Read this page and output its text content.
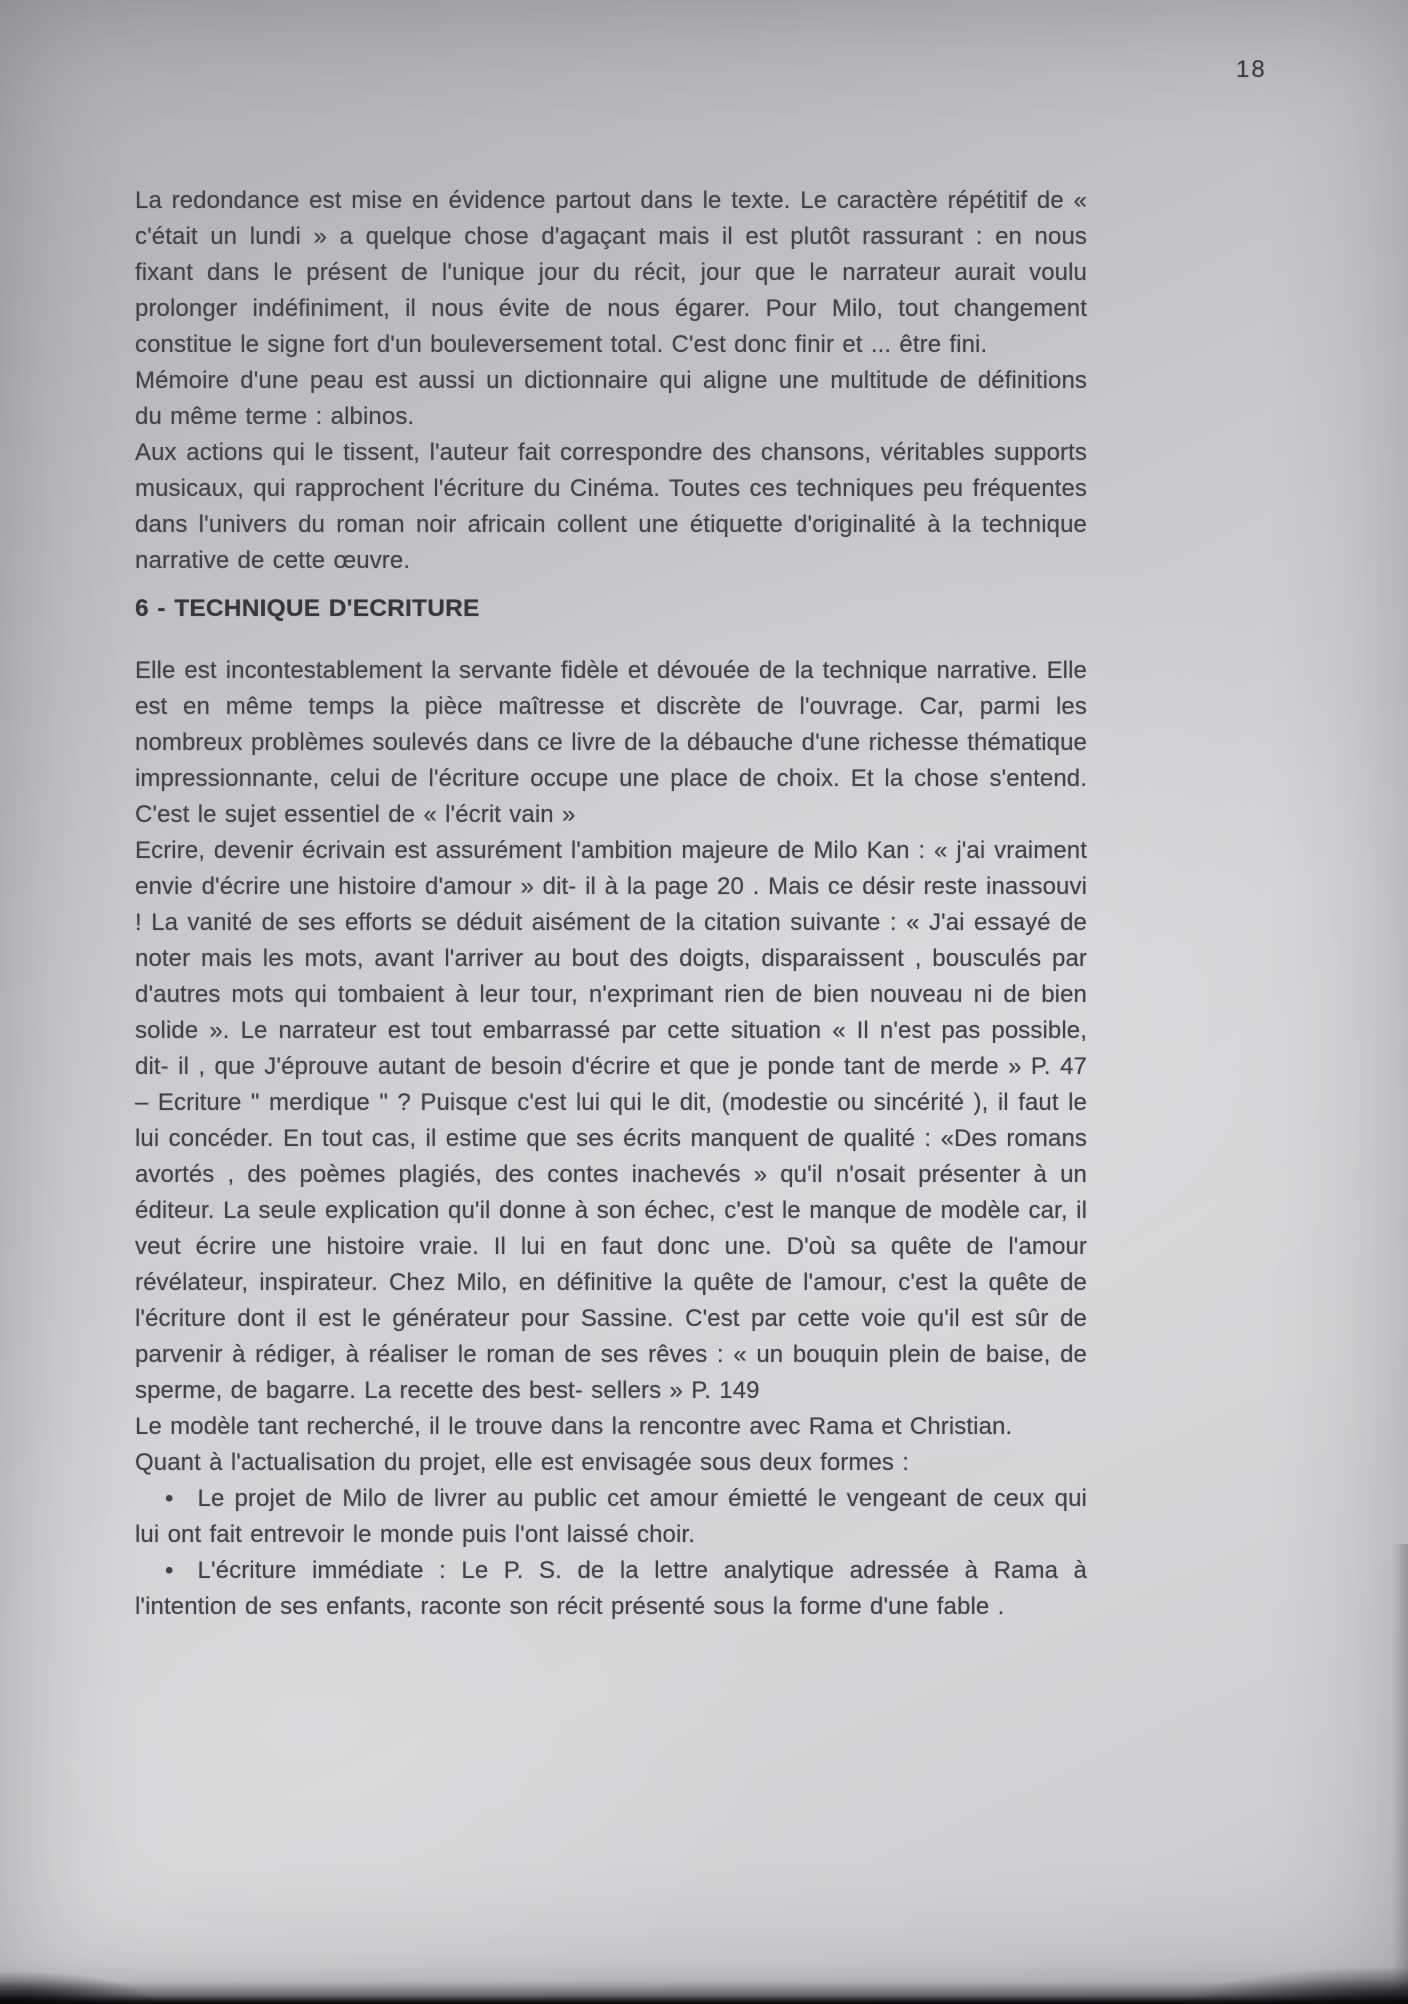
18

La redondance est mise en évidence partout dans le texte. Le caractère répétitif de « c'était un lundi » a quelque chose d'agaçant mais il est plutôt rassurant : en nous fixant dans le présent de l'unique jour du récit, jour que le narrateur aurait voulu prolonger indéfiniment, il nous évite de nous égarer. Pour Milo, tout changement constitue le signe fort d'un bouleversement total. C'est donc finir et ... être fini.

Mémoire d'une peau est aussi un dictionnaire qui aligne une multitude de définitions du même terme : albinos.

Aux actions qui le tissent, l'auteur fait correspondre des chansons, véritables supports musicaux, qui rapprochent l'écriture du Cinéma. Toutes ces techniques peu fréquentes dans l'univers du roman noir africain collent une étiquette d'originalité à la technique narrative de cette œuvre.

6 - TECHNIQUE D'ECRITURE

Elle est incontestablement la servante fidèle et dévouée de la technique narrative. Elle est en même temps la pièce maîtresse et discrète de l'ouvrage. Car, parmi les nombreux problèmes soulevés dans ce livre de la débauche d'une richesse thématique impressionnante, celui de l'écriture occupe une place de choix. Et la chose s'entend. C'est le sujet essentiel de « l'écrit vain »

Ecrire, devenir écrivain est assurément l'ambition majeure de Milo Kan : « j'ai vraiment envie d'écrire une histoire d'amour » dit- il à la page 20 . Mais ce désir reste inassouvi ! La vanité de ses efforts se déduit aisément de la citation suivante : « J'ai essayé de noter mais les mots, avant l'arriver au bout des doigts, disparaissent , bousculés par d'autres mots qui tombaient à leur tour, n'exprimant rien de bien nouveau ni de bien solide ». Le narrateur est tout embarrassé par cette situation « Il n'est pas possible, dit- il , que J'éprouve autant de besoin d'écrire et que je ponde tant de merde » P. 47 – Ecriture " merdique " ? Puisque c'est lui qui le dit, (modestie ou sincérité ), il faut le lui concéder. En tout cas, il estime que ses écrits manquent de qualité : «Des romans avortés , des poèmes plagiés, des contes inachevés » qu'il n'osait présenter à un éditeur. La seule explication qu'il donne à son échec, c'est le manque de modèle car, il veut écrire une histoire vraie. Il lui en faut donc une. D'où sa quête de l'amour révélateur, inspirateur. Chez Milo, en définitive la quête de l'amour, c'est la quête de l'écriture dont il est le générateur pour Sassine. C'est par cette voie qu'il est sûr de parvenir à rédiger, à réaliser le roman de ses rêves : « un bouquin plein de baise, de sperme, de bagarre. La recette des best- sellers » P. 149

Le modèle tant recherché, il le trouve dans la rencontre avec Rama et Christian.

Quant à l'actualisation du projet, elle est envisagée sous deux formes :

• Le projet de Milo de livrer au public cet amour émietté le vengeant de ceux qui lui ont fait entrevoir le monde puis l'ont laissé choir.

• L'écriture immédiate : Le P. S. de la lettre analytique adressée à Rama à l'intention de ses enfants, raconte son récit présenté sous la forme d'une fable .
